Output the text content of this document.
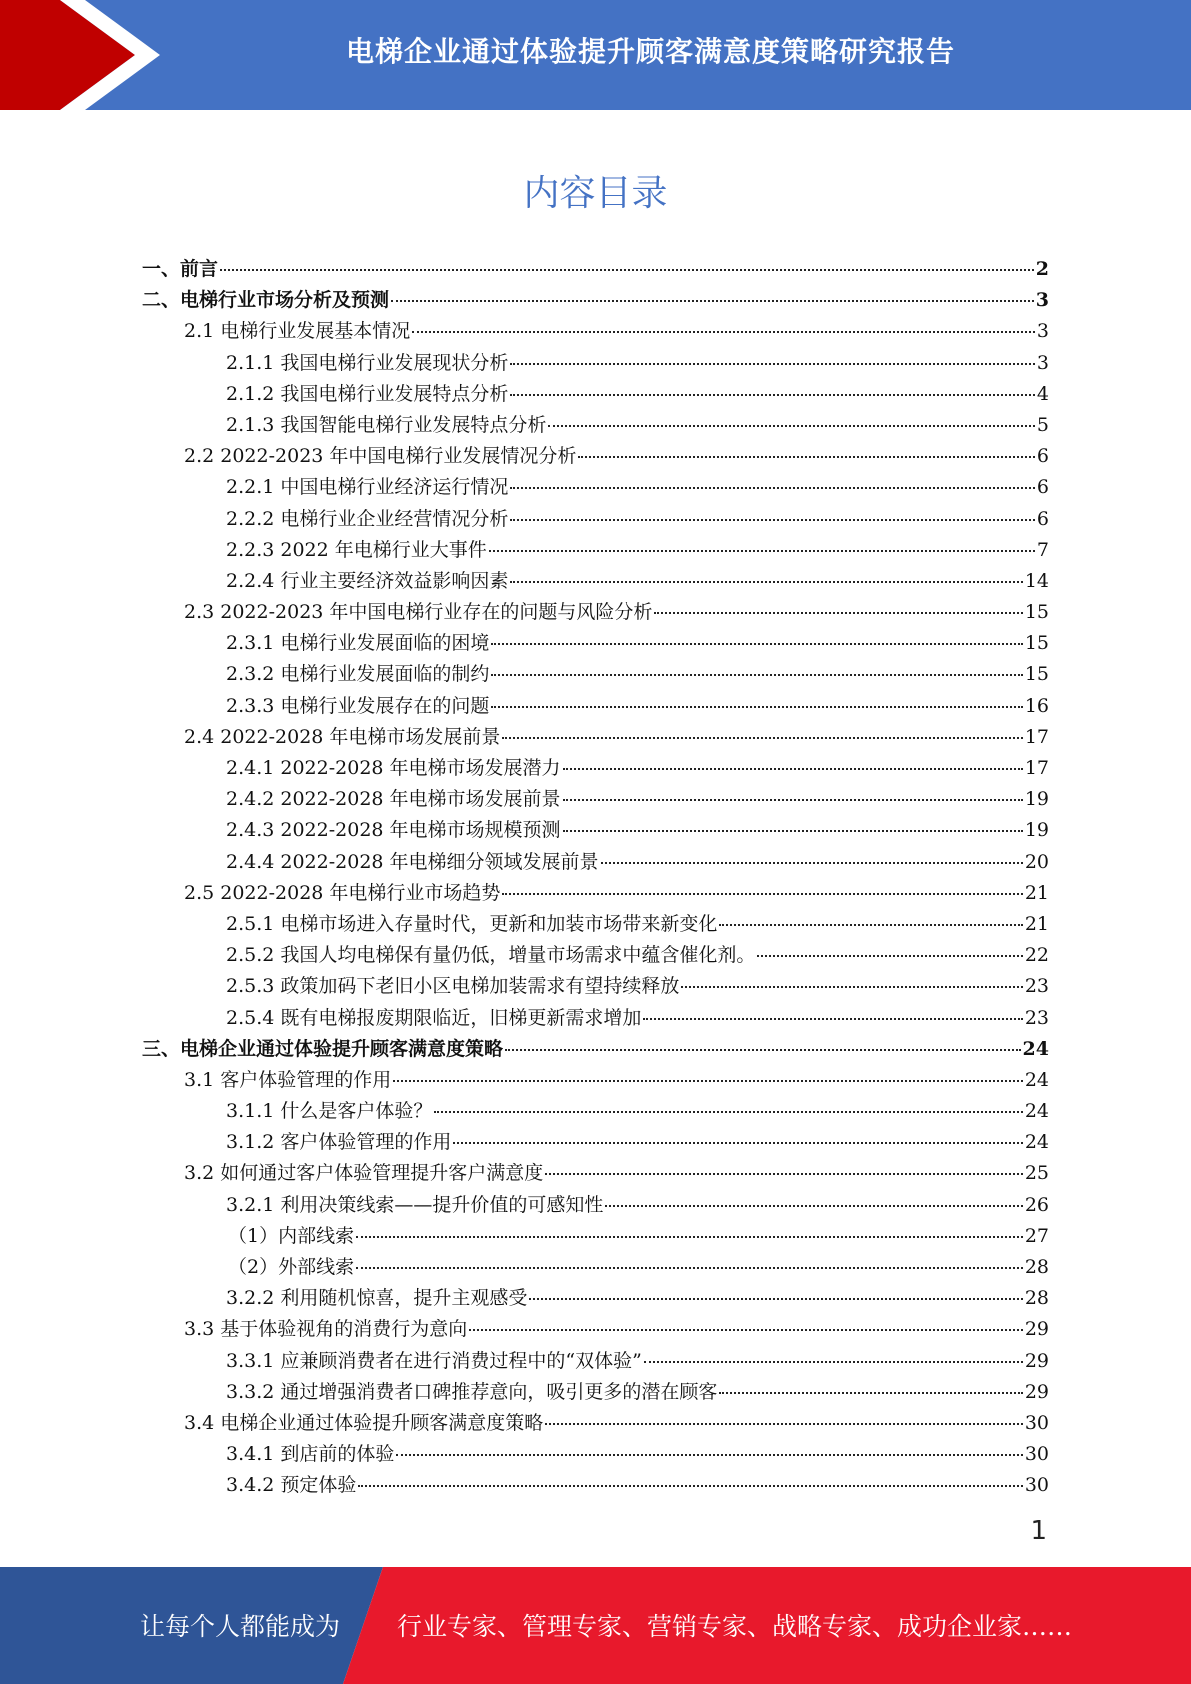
电梯企业通过体验提升顾客满意度策略研究报告
内容目录
一、前言	2
二、电梯行业市场分析及预测	3
2.1 电梯行业发展基本情况	3
2.1.1 我国电梯行业发展现状分析	3
2.1.2 我国电梯行业发展特点分析	4
2.1.3 我国智能电梯行业发展特点分析	5
2.2 2022-2023 年中国电梯行业发展情况分析	6
2.2.1 中国电梯行业经济运行情况	6
2.2.2 电梯行业企业经营情况分析	6
2.2.3 2022 年电梯行业大事件	7
2.2.4 行业主要经济效益影响因素	14
2.3 2022-2023 年中国电梯行业存在的问题与风险分析	15
2.3.1 电梯行业发展面临的困境	15
2.3.2 电梯行业发展面临的制约	15
2.3.3 电梯行业发展存在的问题	16
2.4 2022-2028 年电梯市场发展前景	17
2.4.1 2022-2028 年电梯市场发展潜力	17
2.4.2 2022-2028 年电梯市场发展前景	19
2.4.3 2022-2028 年电梯市场规模预测	19
2.4.4 2022-2028 年电梯细分领域发展前景	20
2.5 2022-2028 年电梯行业市场趋势	21
2.5.1 电梯市场进入存量时代，更新和加装市场带来新变化	21
2.5.2 我国人均电梯保有量仍低，增量市场需求中蕴含催化剂。	22
2.5.3 政策加码下老旧小区电梯加装需求有望持续释放	23
2.5.4 既有电梯报废期限临近，旧梯更新需求增加	23
三、电梯企业通过体验提升顾客满意度策略	24
3.1 客户体验管理的作用	24
3.1.1 什么是客户体验？	24
3.1.2 客户体验管理的作用	24
3.2 如何通过客户体验管理提升客户满意度	25
3.2.1 利用决策线索——提升价值的可感知性	26
（1）内部线索	27
（2）外部线索	28
3.2.2 利用随机惊喜，提升主观感受	28
3.3 基于体验视角的消费行为意向	29
3.3.1 应兼顾消费者在进行消费过程中的“双体验”	29
3.3.2 通过增强消费者口碑推荐意向，吸引更多的潜在顾客	29
3.4 电梯企业通过体验提升顾客满意度策略	30
3.4.1 到店前的体验	30
3.4.2 预定体验	30
1
让每个人都能成为 行业专家、管理专家、营销专家、战略专家、成功企业家……
